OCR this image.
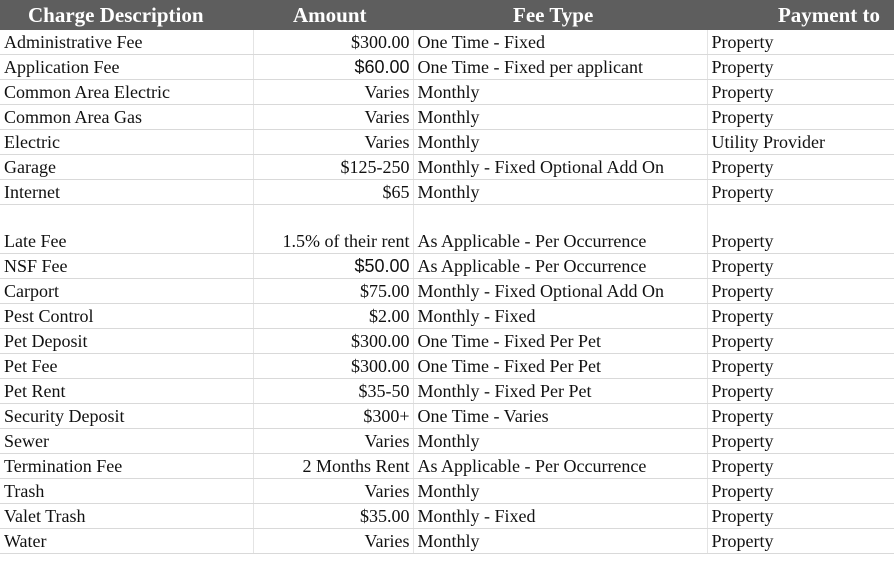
Charge Description	Amount	Fee Type	Payment to
Administrative Fee	$300.00	One Time - Fixed	Property
Application Fee	$60.00	One Time - Fixed per applicant	Property
Common Area Electric	Varies	Monthly	Property
Common Area Gas	Varies	Monthly	Property
Electric	Varies	Monthly	Utility Provider
Garage	$125-250	Monthly - Fixed Optional Add On	Property
Internet	$65	Monthly	Property
Late Fee	1.5% of their rent	As Applicable - Per Occurrence	Property
NSF Fee	$50.00	As Applicable - Per Occurrence	Property
Carport	$75.00	Monthly - Fixed Optional Add On	Property
Pest Control	$2.00	Monthly - Fixed	Property
Pet Deposit	$300.00	One Time - Fixed Per Pet	Property
Pet Fee	$300.00	One Time - Fixed Per Pet	Property
Pet Rent	$35-50	Monthly - Fixed Per Pet	Property
Security Deposit	$300+	One Time - Varies	Property
Sewer	Varies	Monthly	Property
Termination Fee	2 Months Rent	As Applicable - Per Occurrence	Property
Trash	Varies	Monthly	Property
Valet Trash	$35.00	Monthly - Fixed	Property
Water	Varies	Monthly	Property
